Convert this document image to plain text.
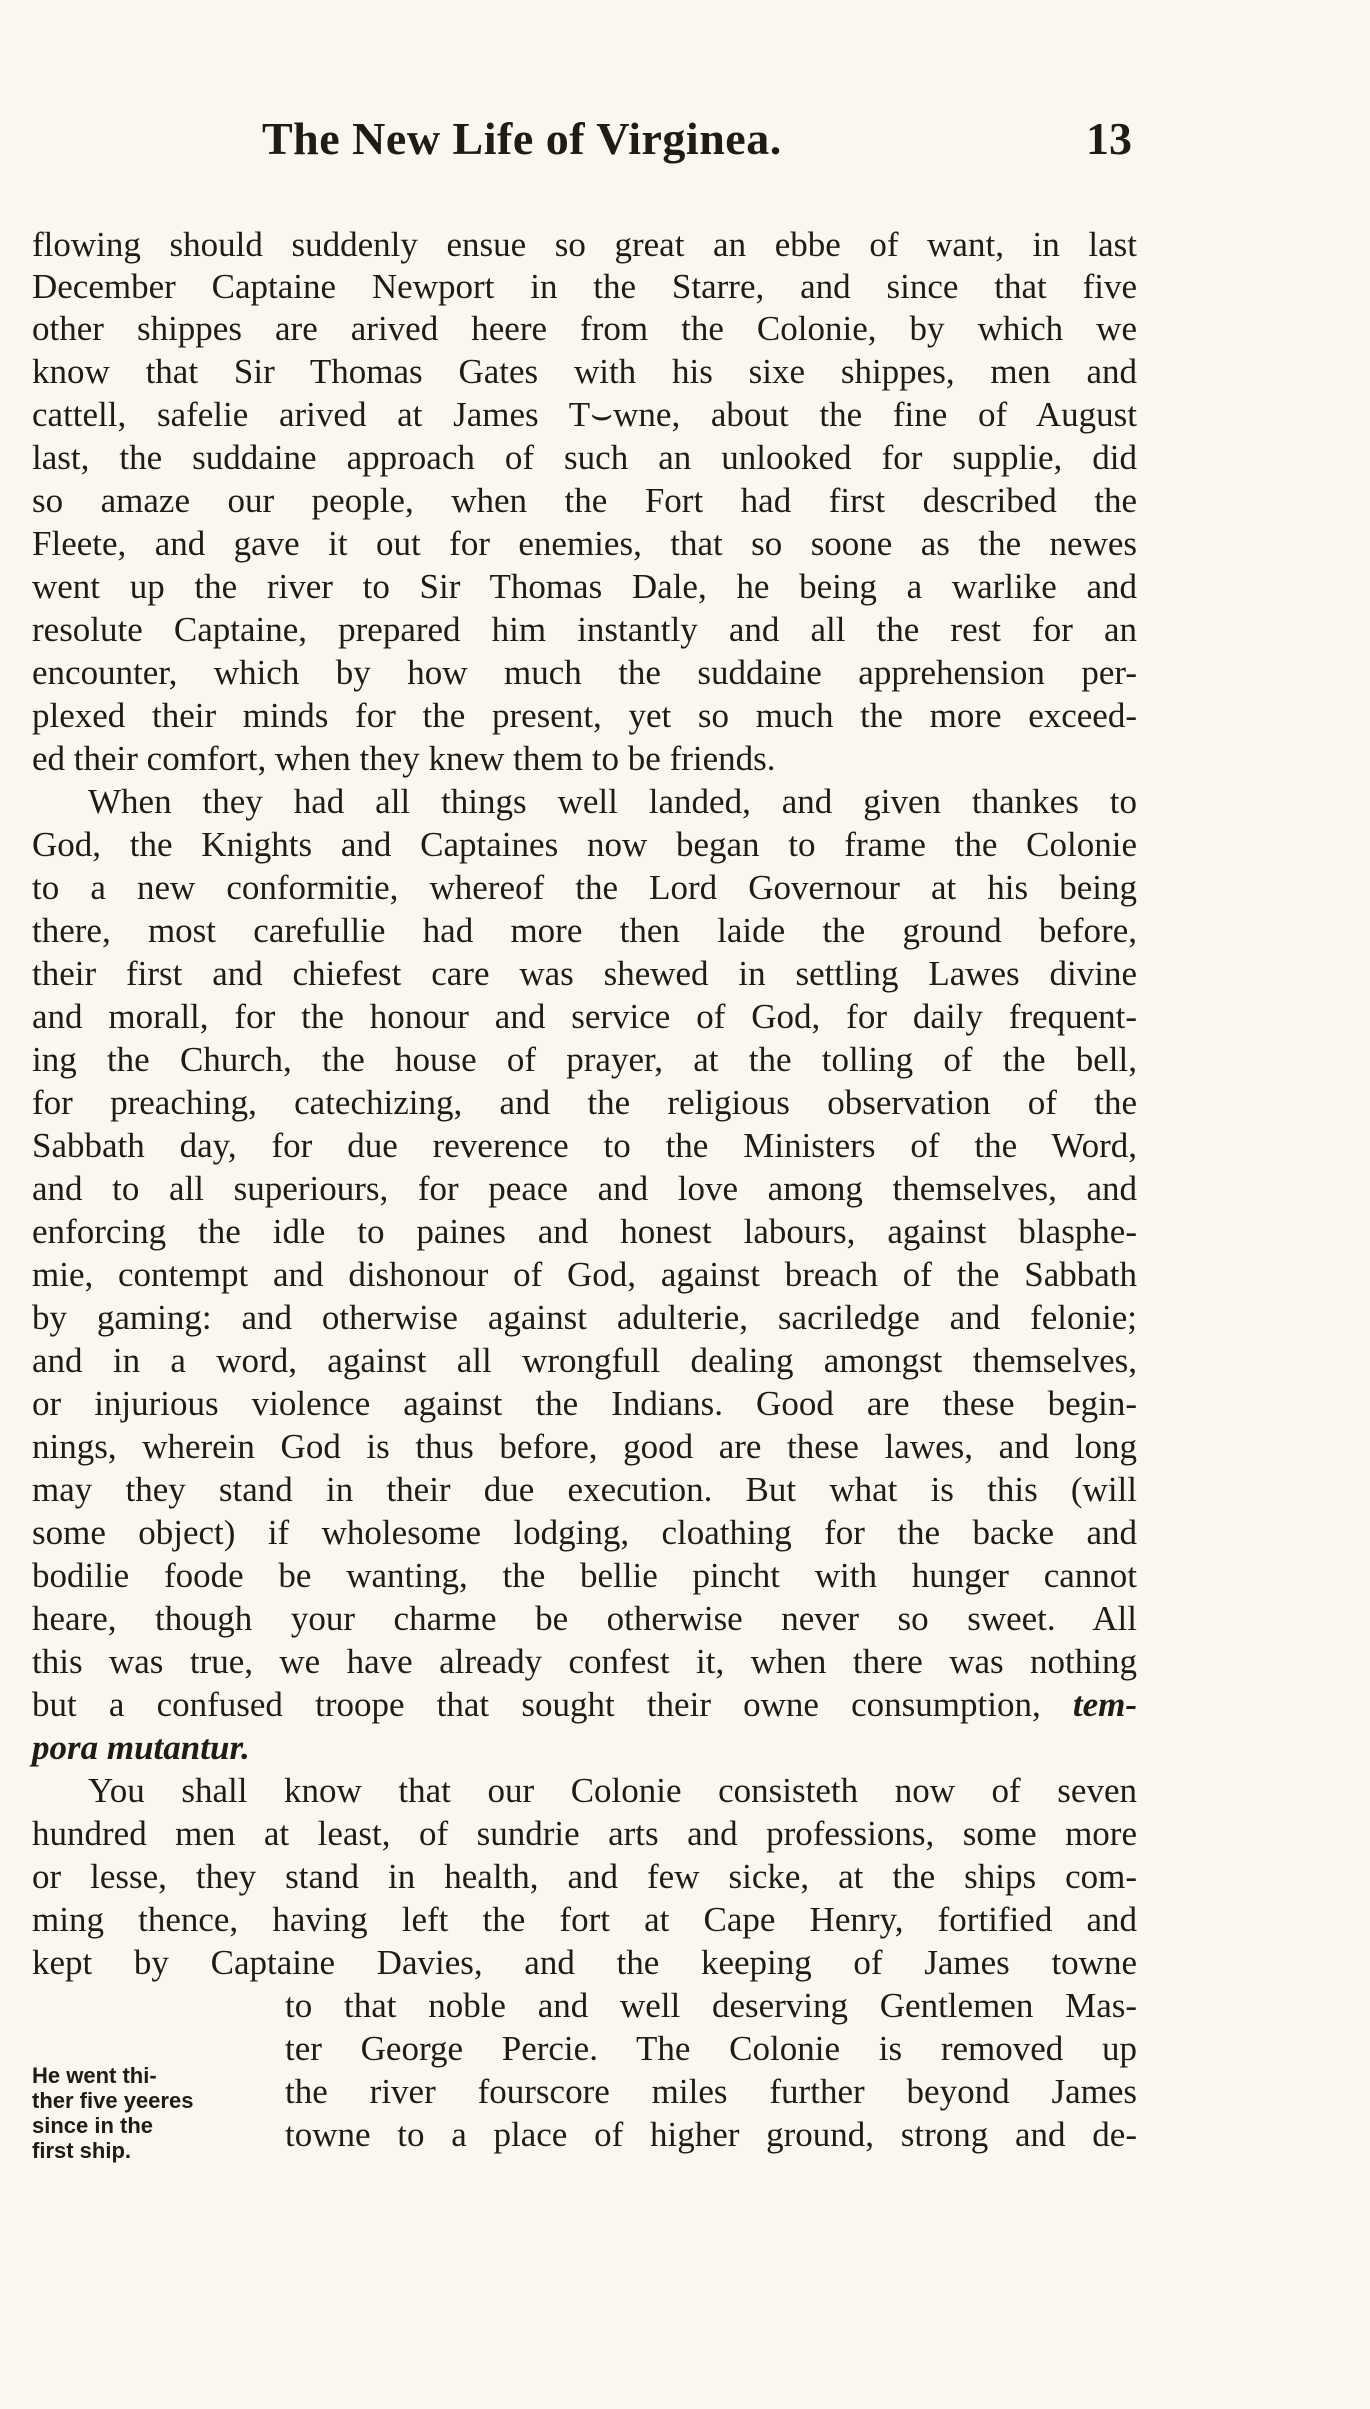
The New Life of Virginea.	13
flowing should suddenly ensue so great an ebbe of want, in last
December Captaine Newport in the Starre, and since that five
other shippes are arived heere from the Colonie, by which we
know that Sir Thomas Gates with his sixe shippes, men and
cattell, safelie arived at James T⌣wne, about the fine of August
last, the suddaine approach of such an unlooked for supplie, did
so amaze our people, when the Fort had first described the
Fleete, and gave it out for enemies, that so soone as the newes
went up the river to Sir Thomas Dale, he being a warlike and
resolute Captaine, prepared him instantly and all the rest for an
encounter, which by how much the suddaine apprehension per-
plexed their minds for the present, yet so much the more exceed-
ed their comfort, when they knew them to be friends.
When they had all things well landed, and given thankes to
God, the Knights and Captaines now began to frame the Colonie
to a new conformitie, whereof the Lord Governour at his being
there, most carefullie had more then laide the ground before,
their first and chiefest care was shewed in settling Lawes divine
and morall, for the honour and service of God, for daily frequent-
ing the Church, the house of prayer, at the tolling of the bell,
for preaching, catechizing, and the religious observation of the
Sabbath day, for due reverence to the Ministers of the Word,
and to all superiours, for peace and love among themselves, and
enforcing the idle to paines and honest labours, against blasphe-
mie, contempt and dishonour of God, against breach of the Sabbath
by gaming: and otherwise against adulterie, sacriledge and felonie;
and in a word, against all wrongfull dealing amongst themselves,
or injurious violence against the Indians. Good are these begin-
nings, wherein God is thus before, good are these lawes, and long
may they stand in their due execution. But what is this (will
some object) if wholesome lodging, cloathing for the backe and
bodilie foode be wanting, the bellie pincht with hunger cannot
heare, though your charme be otherwise never so sweet. All
this was true, we have already confest it, when there was nothing
but a confused troope that sought their owne consumption, tem-
pora mutantur.
You shall know that our Colonie consisteth now of seven
hundred men at least, of sundrie arts and professions, some more
or lesse, they stand in health, and few sicke, at the ships com-
ming thence, having left the fort at Cape Henry, fortified and
kept by Captaine Davies, and the keeping of James towne
to that noble and well deserving Gentlemen Mas-
ter George Percie. The Colonie is removed up
the river fourscore miles further beyond James
towne to a place of higher ground, strong and de-
He went thi-
ther five yeeres
since in the
first ship.
